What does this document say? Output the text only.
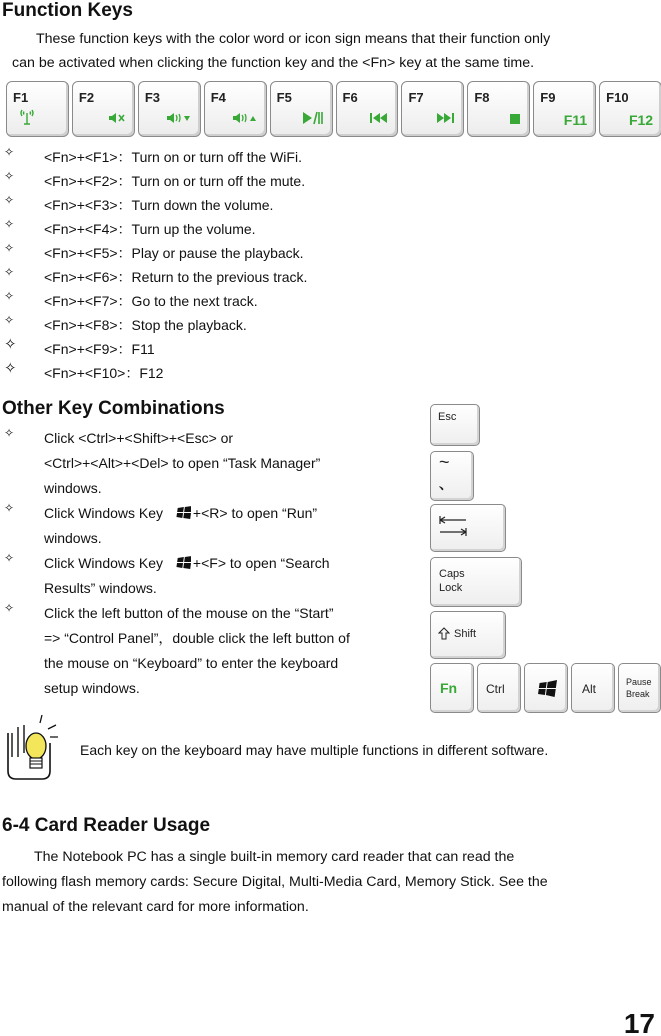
Function Keys
These function keys with the color word or icon sign means that their function only
can be activated when clicking the function key and the <Fn> key at the same time.
F1	F2	F3	F4	F5	F6	F7	F8	F9
F11
F10
F12
✧ <Fn>+<F1>：Turn on or turn off the WiFi.
✧ <Fn>+<F2>：Turn on or turn off the mute.
✧ <Fn>+<F3>：Turn down the volume.
✧ <Fn>+<F4>：Turn up the volume.
✧ <Fn>+<F5>：Play or pause the playback.
✧ <Fn>+<F6>：Return to the previous track.
✧ <Fn>+<F7>：Go to the next track.
✧ <Fn>+<F8>：Stop the playback.
✧ <Fn>+<F9>：F11
✧ <Fn>+<F10>：F12
Other Key Combinations
✧ Click <Ctrl>+<Shift>+<Esc> or
<Ctrl>+<Alt>+<Del> to open “Task Manager”
windows.
✧ Click Windows Key +<R> to open “Run”
windows.
✧ Click Windows Key +<F> to open “Search
Results” windows.
✧ Click the left button of the mouse on the “Start”
=> “Control Panel”，double click the left button of
the mouse on “Keyboard” to enter the keyboard
setup windows.
Esc
~
、
Caps
Lock
Shift
Fn Ctrl	Alt	Pause
Break
Each key on the keyboard may have multiple functions in different software.
6-4 Card Reader Usage
The Notebook PC has a single built-in memory card reader that can read the
following flash memory cards: Secure Digital, Multi-Media Card, Memory Stick. See the
manual of the relevant card for more information.
17
